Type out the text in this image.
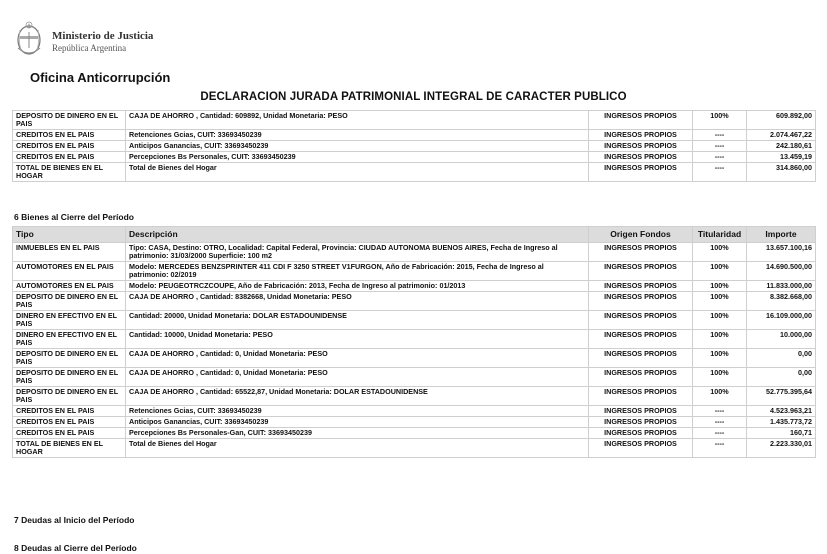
Ministerio de Justicia
República Argentina
Oficina Anticorrupción
DECLARACION JURADA PATRIMONIAL INTEGRAL DE CARACTER PUBLICO
DEPOSITO DE DINERO EN EL PAIS	CAJA DE AHORRO , Cantidad: 609892, Unidad Monetaria: PESO	INGRESOS PROPIOS	100%	609.892,00
CREDITOS EN EL PAIS	Retenciones Gcias, CUIT: 33693450239	INGRESOS PROPIOS	----	2.074.467,22
CREDITOS EN EL PAIS	Anticipos Ganancias, CUIT: 33693450239	INGRESOS PROPIOS	----	242.180,61
CREDITOS EN EL PAIS	Percepciones Bs Personales, CUIT: 33693450239	INGRESOS PROPIOS	----	13.459,19
TOTAL DE BIENES EN EL HOGAR	Total de Bienes del Hogar	INGRESOS PROPIOS	----	314.860,00
6 Bienes al Cierre del Período
Tipo	Descripción	Origen Fondos	Titularidad	Importe
INMUEBLES EN EL PAIS	Tipo: CASA, Destino: OTRO, Localidad: Capital Federal, Provincia: CIUDAD AUTONOMA BUENOS AIRES, Fecha de Ingreso al patrimonio: 31/03/2000 Superficie: 100 m2	INGRESOS PROPIOS	100%	13.657.100,16
AUTOMOTORES EN EL PAIS	Modelo: MERCEDES BENZSPRINTER 411 CDI F 3250 STREET V1FURGON, Año de Fabricación: 2015, Fecha de Ingreso al patrimonio: 02/2019	INGRESOS PROPIOS	100%	14.690.500,00
AUTOMOTORES EN EL PAIS	Modelo: PEUGEOTRCZCOUPE, Año de Fabricación: 2013, Fecha de Ingreso al patrimonio: 01/2013	INGRESOS PROPIOS	100%	11.833.000,00
DEPOSITO DE DINERO EN EL PAIS	CAJA DE AHORRO , Cantidad: 8382668, Unidad Monetaria: PESO	INGRESOS PROPIOS	100%	8.382.668,00
DINERO EN EFECTIVO EN EL PAIS	Cantidad: 20000, Unidad Monetaria: DOLAR ESTADOUNIDENSE	INGRESOS PROPIOS	100%	16.109.000,00
DINERO EN EFECTIVO EN EL PAIS	Cantidad: 10000, Unidad Monetaria: PESO	INGRESOS PROPIOS	100%	10.000,00
DEPOSITO DE DINERO EN EL PAIS	CAJA DE AHORRO , Cantidad: 0, Unidad Monetaria: PESO	INGRESOS PROPIOS	100%	0,00
DEPOSITO DE DINERO EN EL PAIS	CAJA DE AHORRO , Cantidad: 0, Unidad Monetaria: PESO	INGRESOS PROPIOS	100%	0,00
DEPOSITO DE DINERO EN EL PAIS	CAJA DE AHORRO , Cantidad: 65522,87, Unidad Monetaria: DOLAR ESTADOUNIDENSE	INGRESOS PROPIOS	100%	52.775.395,64
CREDITOS EN EL PAIS	Retenciones Gcias, CUIT: 33693450239	INGRESOS PROPIOS	----	4.523.963,21
CREDITOS EN EL PAIS	Anticipos Ganancias, CUIT: 33693450239	INGRESOS PROPIOS	----	1.435.773,72
CREDITOS EN EL PAIS	Percepciones Bs Personales-Gan, CUIT: 33693450239	INGRESOS PROPIOS	----	160,71
TOTAL DE BIENES EN EL HOGAR	Total de Bienes del Hogar	INGRESOS PROPIOS	----	2.223.330,01
7 Deudas al Inicio del Período
8 Deudas al Cierre del Período
